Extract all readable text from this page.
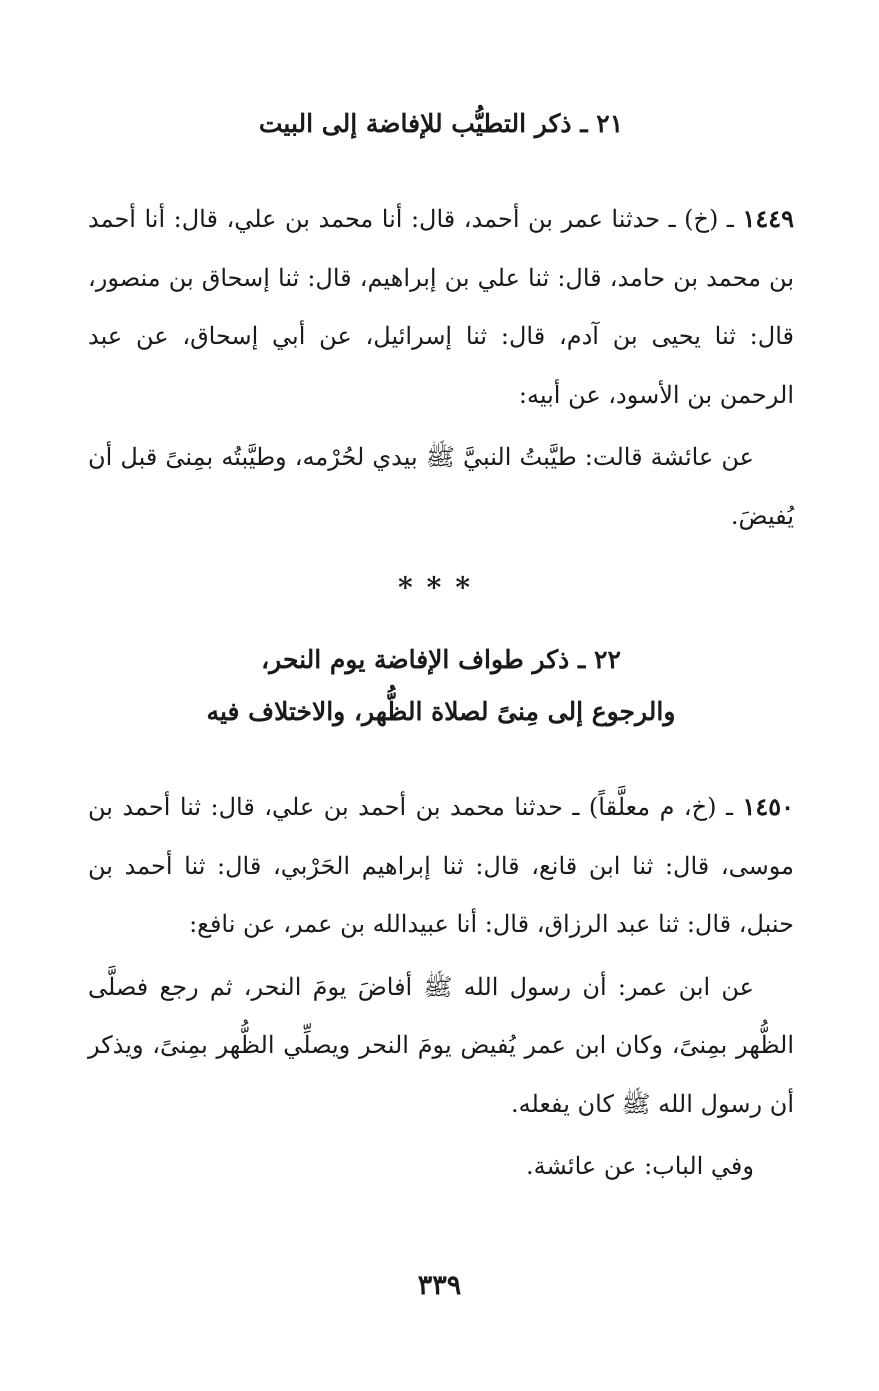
٢١ ـ ذكر التطيُّب للإفاضة إلى البيت

١٤٤٩ ـ (خ) ـ حدثنا عمر بن أحمد، قال: أنا محمد بن علي، قال: أنا أحمد بن محمد بن حامد، قال: ثنا علي بن إبراهيم، قال: ثنا إسحاق بن منصور، قال: ثنا يحيى بن آدم، قال: ثنا إسرائيل، عن أبي إسحاق، عن عبد الرحمن بن الأسود، عن أبيه:

عن عائشة قالت: طيَّبتُ النبيَّ ﷺ بيدي لحُرْمه، وطيَّبتُه بمِنىً قبل أن يُفيضَ.

***

٢٢ ـ ذكر طواف الإفاضة يوم النحر،
والرجوع إلى مِنىً لصلاة الظُّهر، والاختلاف فيه

١٤٥٠ ـ (خ، م معلَّقاً) ـ حدثنا محمد بن أحمد بن علي، قال: ثنا أحمد بن موسى، قال: ثنا ابن قانع، قال: ثنا إبراهيم الحَرْبي، قال: ثنا أحمد بن حنبل، قال: ثنا عبد الرزاق، قال: أنا عبيدالله بن عمر، عن نافع:

عن ابن عمر: أن رسول الله ﷺ أفاضَ يومَ النحر، ثم رجع فصلَّى الظُّهر بمِنىً، وكان ابن عمر يُفيض يومَ النحر ويصلِّي الظُّهر بمِنىً، ويذكر أن رسول الله ﷺ كان يفعله.

وفي الباب: عن عائشة.

٣٣٩
